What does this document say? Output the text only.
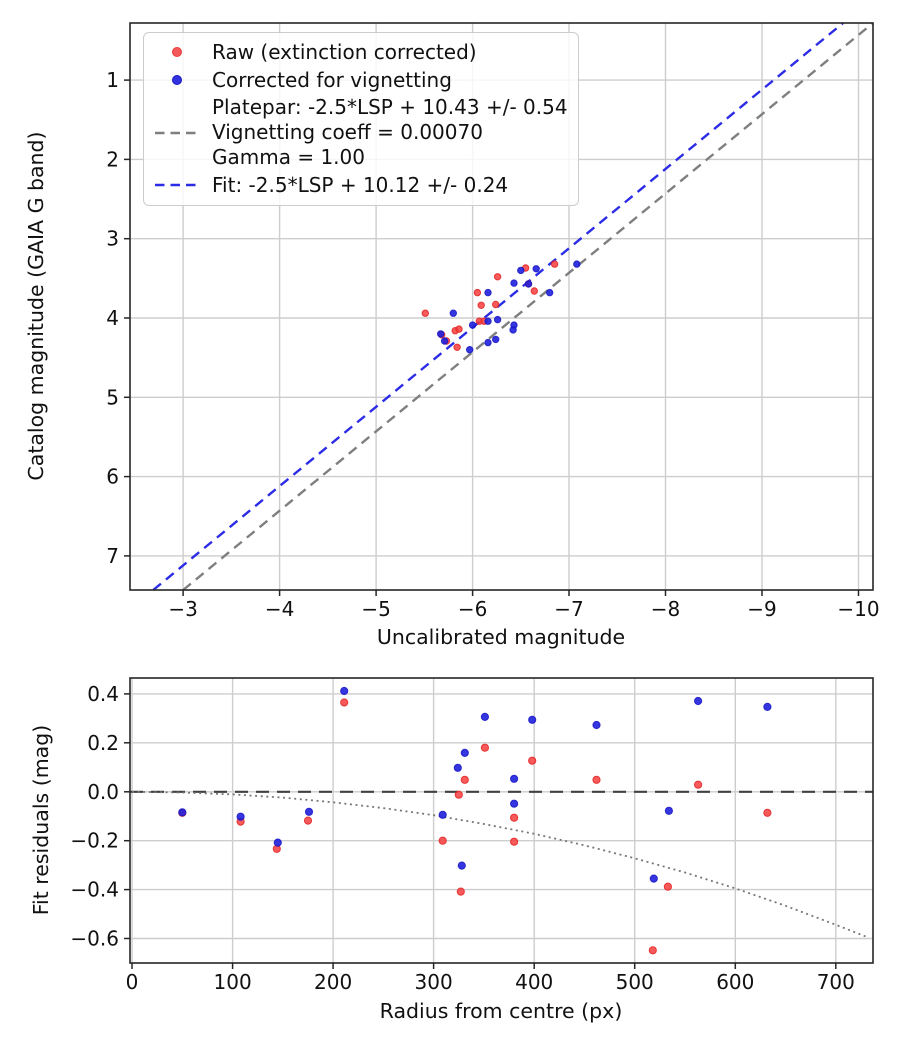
−3	−4	−5	−6	−7	−8	−9	−10
1
2
3
4
5
6
7
0	100	200	300	400	500	600	700
0.4
0.2
0.0
−0.2
−0.4
−0.6
Catalog magnitude (GAIA G band)
Uncalibrated magnitude
Fit residuals (mag)
Radius from centre (px)
Raw (extinction corrected)
Corrected for vignetting
Platepar: -2.5*LSP + 10.43 +/- 0.54
Vignetting coeff = 0.00070
Gamma = 1.00
Fit: -2.5*LSP + 10.12 +/- 0.24
